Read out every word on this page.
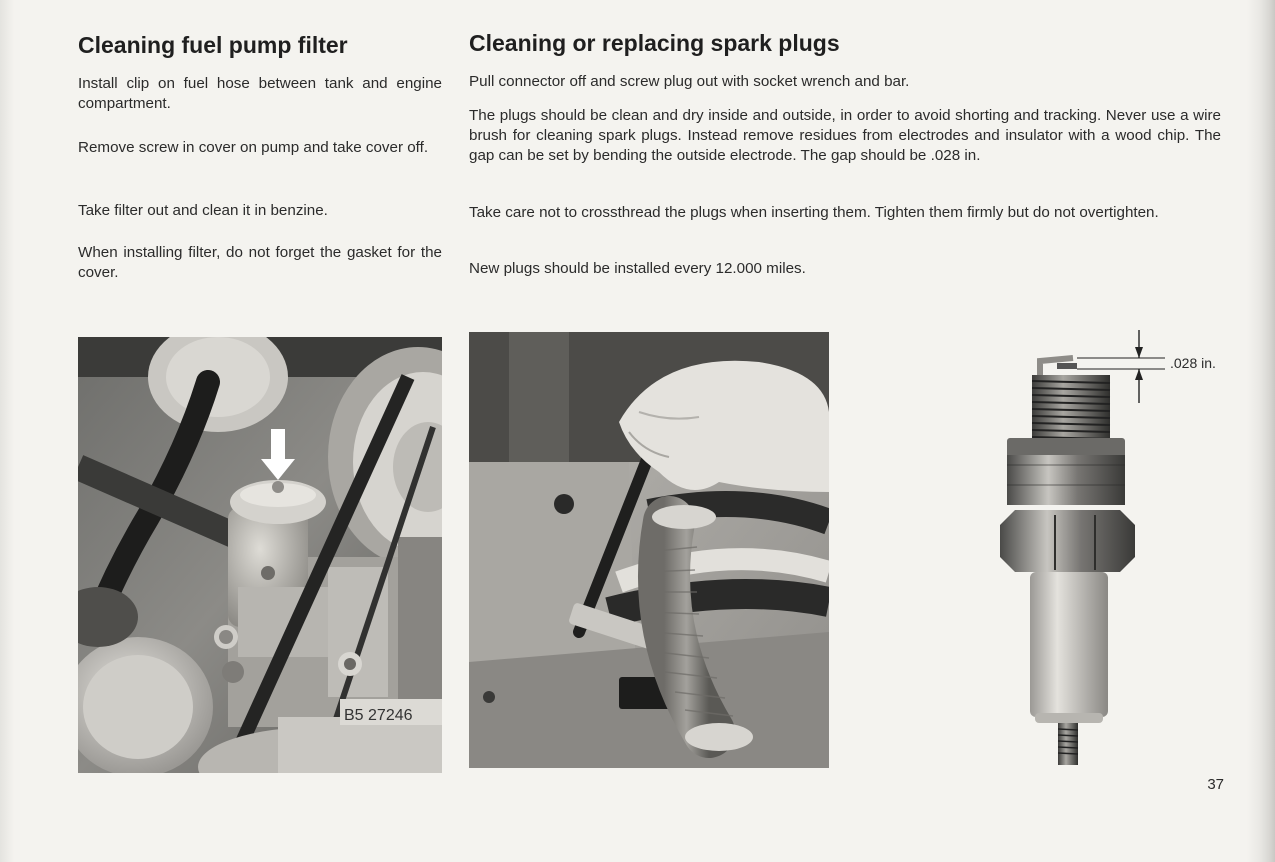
Cleaning fuel pump filter

Install clip on fuel hose between tank and engine compartment.

Remove screw in cover on pump and take cover off.

Take filter out and clean it in benzine.

When installing filter, do not forget the gasket for the cover.

Cleaning or replacing spark plugs

Pull connector off and screw plug out with socket wrench and bar.

The plugs should be clean and dry inside and outside, in order to avoid shorting and tracking. Never use a wire brush for cleaning spark plugs. Instead remove residues from electrodes and insulator with a wood chip. The gap can be set by bending the outside electrode. The gap should be .028 in.

Take care not to crossthread the plugs when inserting them. Tighten them firmly but do not overtighten.

New plugs should be installed every 12.000 miles.

B5 27246
.028 in.
37
